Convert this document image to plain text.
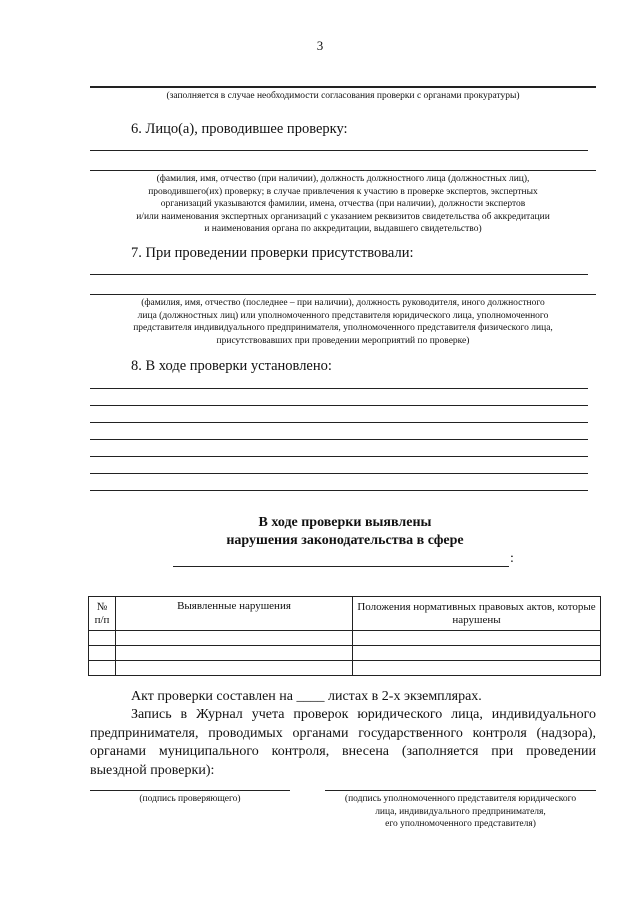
3
(заполняется в случае необходимости согласования проверки с органами прокуратуры)
6. Лицо(а), проводившее проверку:
(фамилия, имя, отчество (при наличии), должность должностного лица (должностных лиц),
проводившего(их) проверку; в случае привлечения к участию в проверке экспертов, экспертных
организаций указываются фамилии, имена, отчества (при наличии), должности экспертов
и/или наименования экспертных организаций с указанием реквизитов свидетельства об аккредитации
и наименования органа по аккредитации, выдавшего свидетельство)
7. При проведении проверки присутствовали:
(фамилия, имя, отчество (последнее – при наличии), должность руководителя, иного должностного
лица (должностных лиц) или уполномоченного представителя юридического лица, уполномоченного
представителя индивидуального предпринимателя, уполномоченного представителя физического лица,
присутствовавших при проведении мероприятий по проверке)
8. В ходе проверки установлено:
В ходе проверки выявлены
нарушения законодательства в сфере
:
№
п/п	Выявленные нарушения	Положения нормативных правовых актов, которые нарушены

Акт проверки составлен на ____ листах в 2-х экземплярах.
Запись в Журнал учета проверок юридического лица, индивидуального предпринимателя, проводимых органами государственного контроля (надзора), органами муниципального контроля, внесена (заполняется при проведении выездной проверки):
(подпись проверяющего)	(подпись уполномоченного представителя юридического
лица, индивидуального предпринимателя,
его уполномоченного представителя)
